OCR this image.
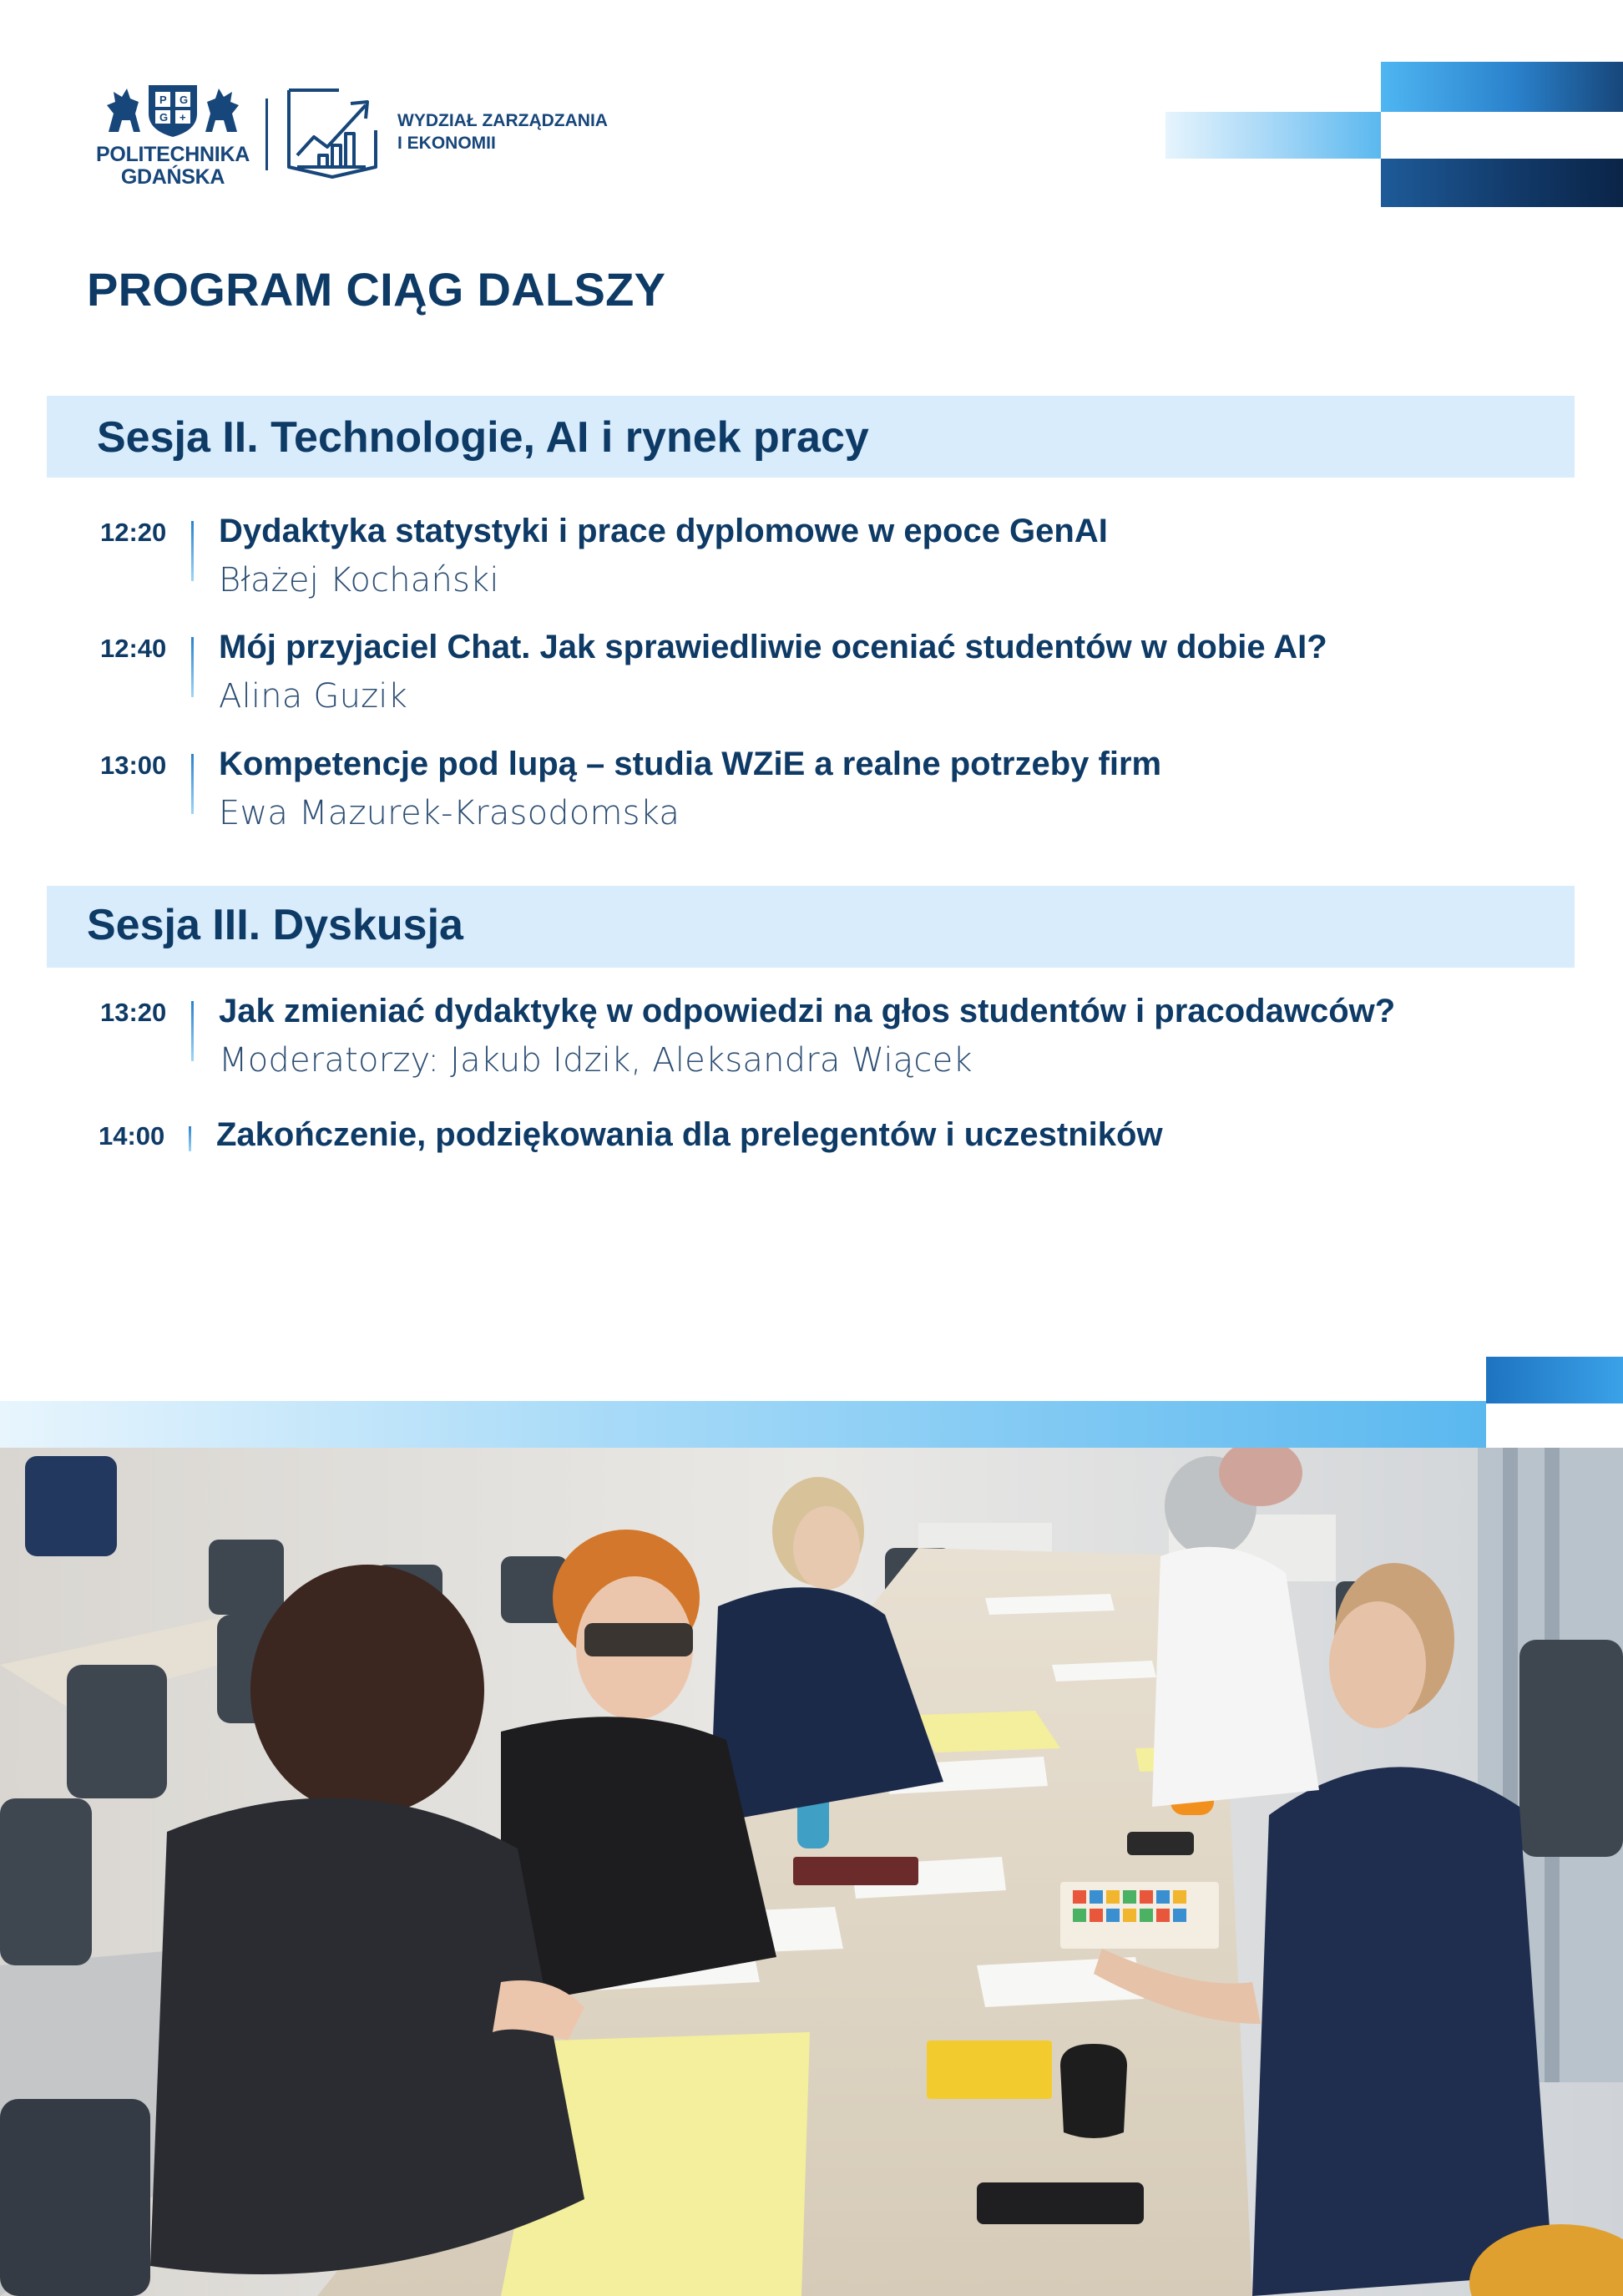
P G
G +
POLITECHNIKA
GDAŃSKA
WYDZIAŁ ZARZĄDZANIA
I EKONOMII
PROGRAM CIĄG DALSZY
Sesja II. Technologie, AI i rynek pracy
12:20 Dydaktyka statystyki i prace dyplomowe w epoce GenAI
Błażej Kochański
12:40 Mój przyjaciel Chat. Jak sprawiedliwie oceniać studentów w dobie AI?
Alina Guzik
13:00 Kompetencje pod lupą – studia WZiE a realne potrzeby firm
Ewa Mazurek-Krasodomska
Sesja III. Dyskusja
13:20 Jak zmieniać dydaktykę w odpowiedzi na głos studentów i pracodawców?
Moderatorzy: Jakub Idzik, Aleksandra Wiącek
14:00 Zakończenie, podziękowania dla prelegentów i uczestników
